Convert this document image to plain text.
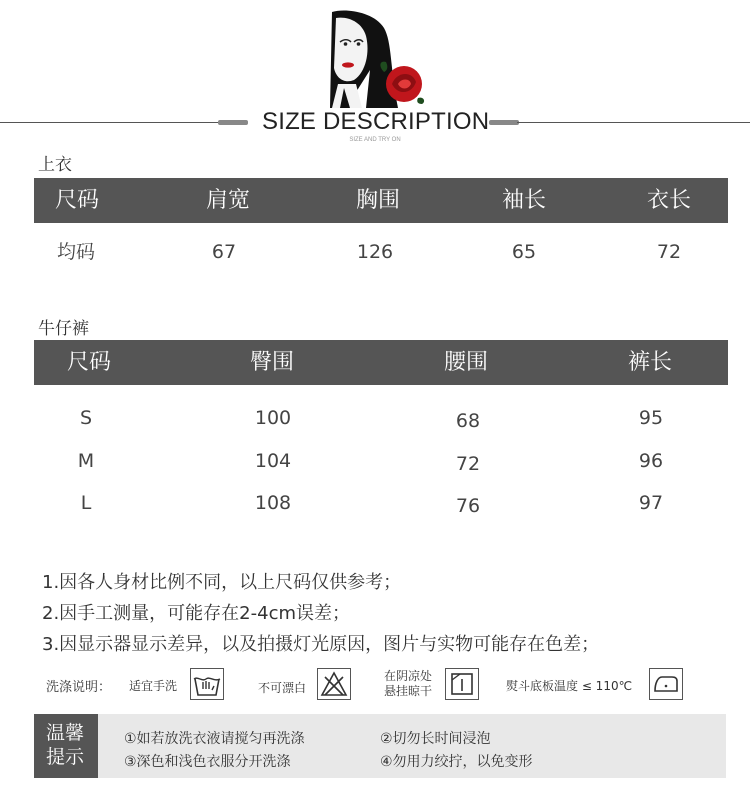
SIZE DESCRIPTION
SIZE AND TRY ON
上衣
尺码	肩宽	胸围	袖长	衣长
均码	67	126	65	72
牛仔裤
尺码	臀围	腰围	裤长
S	100	68	95
M	104	72	96
L	108	76	97
1.因各人身材比例不同，以上尺码仅供参考；
2.因手工测量，可能存在2-4cm误差；
3.因显示器显示差异，以及拍摄灯光原因，图片与实物可能存在色差；
洗涤说明： 适宜手洗	不可漂白
在阴凉处
悬挂晾干	熨斗底板温度 ≤ 110℃
温馨
提示
①如若放洗衣液请搅匀再洗涤	②切勿长时间浸泡
③深色和浅色衣服分开洗涤	④勿用力绞拧，以免变形
